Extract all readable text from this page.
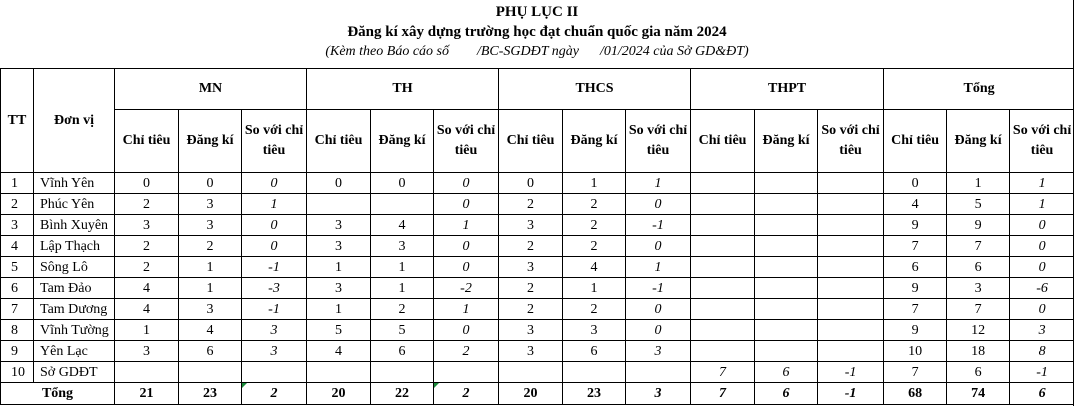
PHỤ LỤC II
Đăng kí xây dựng trường học đạt chuẩn quốc gia năm 2024
(Kèm theo Báo cáo số        /BC-SGDĐT ngày      /01/2024 của Sở GD&ĐT)
TT	Đơn vị	MN			TH			THCS			THPT			Tổng		
		Chỉ tiêu	Đăng kí	So với chỉ tiêu	Chỉ tiêu	Đăng kí	So với chỉ tiêu	Chỉ tiêu	Đăng kí	So với chỉ tiêu	Chỉ tiêu	Đăng kí	So với chỉ tiêu	Chỉ tiêu	Đăng kí	So với chỉ tiêu
1	Vĩnh Yên	0	0	0	0	0	0	0	1	1				0	1	1
2	Phúc Yên	2	3	1			0	2	2	0				4	5	1
3	Bình Xuyên	3	3	0	3	4	1	3	2	-1				9	9	0
4	Lập Thạch	2	2	0	3	3	0	2	2	0				7	7	0
5	Sông Lô	2	1	-1	1	1	0	3	4	1				6	6	0
6	Tam Đảo	4	1	-3	3	1	-2	2	1	-1				9	3	-6
7	Tam Dương	4	3	-1	1	2	1	2	2	0				7	7	0
8	Vĩnh Tường	1	4	3	5	5	0	3	3	0				9	12	3
9	Yên Lạc	3	6	3	4	6	2	3	6	3				10	18	8
10	Sở GDĐT										7	6	-1	7	6	-1
Tổng		21	23	2	20	22	2	20	23	3	7	6	-1	68	74	6
